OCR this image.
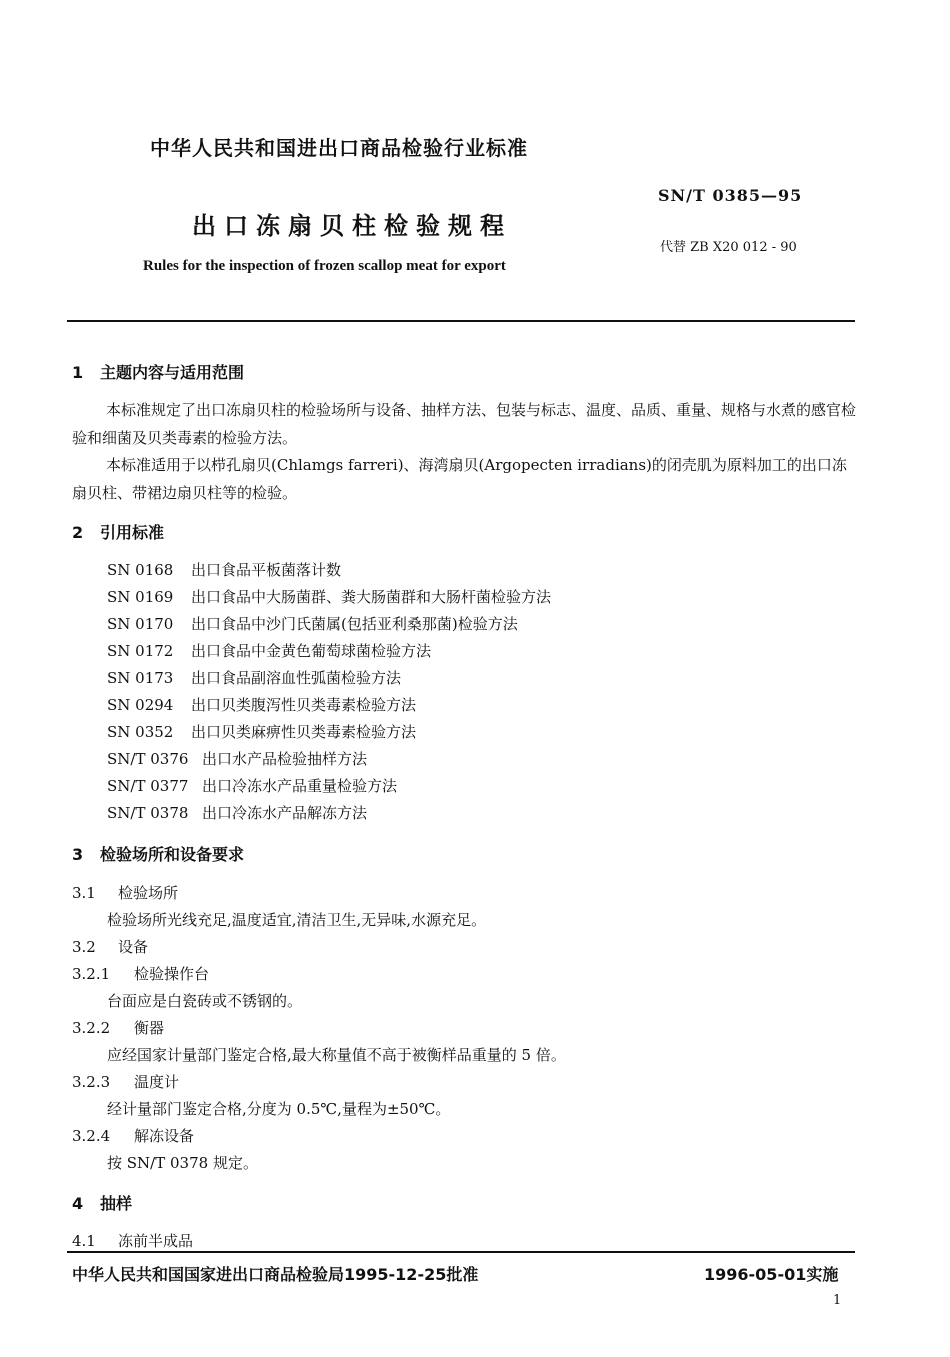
中华人民共和国进出口商品检验行业标准
SN/T 0385—95
出口冻扇贝柱检验规程
代替 ZB X20 012 - 90
Rules for the inspection of frozen scallop meat for export
1 主题内容与适用范围
本标准规定了出口冻扇贝柱的检验场所与设备、抽样方法、包装与标志、温度、品质、重量、规格与水煮的感官检验和细菌及贝类毒素的检验方法。
本标准适用于以栉孔扇贝(Chlamgs farreri)、海湾扇贝(Argopecten irradians)的闭壳肌为原料加工的出口冻扇贝柱、带裙边扇贝柱等的检验。
2 引用标准
SN 0168 出口食品平板菌落计数
SN 0169 出口食品中大肠菌群、粪大肠菌群和大肠杆菌检验方法
SN 0170 出口食品中沙门氏菌属(包括亚利桑那菌)检验方法
SN 0172 出口食品中金黄色葡萄球菌检验方法
SN 0173 出口食品副溶血性弧菌检验方法
SN 0294 出口贝类腹泻性贝类毒素检验方法
SN 0352 出口贝类麻痹性贝类毒素检验方法
SN/T 0376 出口水产品检验抽样方法
SN/T 0377 出口冷冻水产品重量检验方法
SN/T 0378 出口冷冻水产品解冻方法
3 检验场所和设备要求
3.1 检验场所
检验场所光线充足,温度适宜,清洁卫生,无异味,水源充足。
3.2 设备
3.2.1 检验操作台
台面应是白瓷砖或不锈钢的。
3.2.2 衡器
应经国家计量部门鉴定合格,最大称量值不高于被衡样品重量的 5 倍。
3.2.3 温度计
经计量部门鉴定合格,分度为 0.5℃,量程为±50℃。
3.2.4 解冻设备
按 SN/T 0378 规定。
4 抽样
4.1 冻前半成品
中华人民共和国国家进出口商品检验局1995-12-25批准	1996-05-01实施
1
